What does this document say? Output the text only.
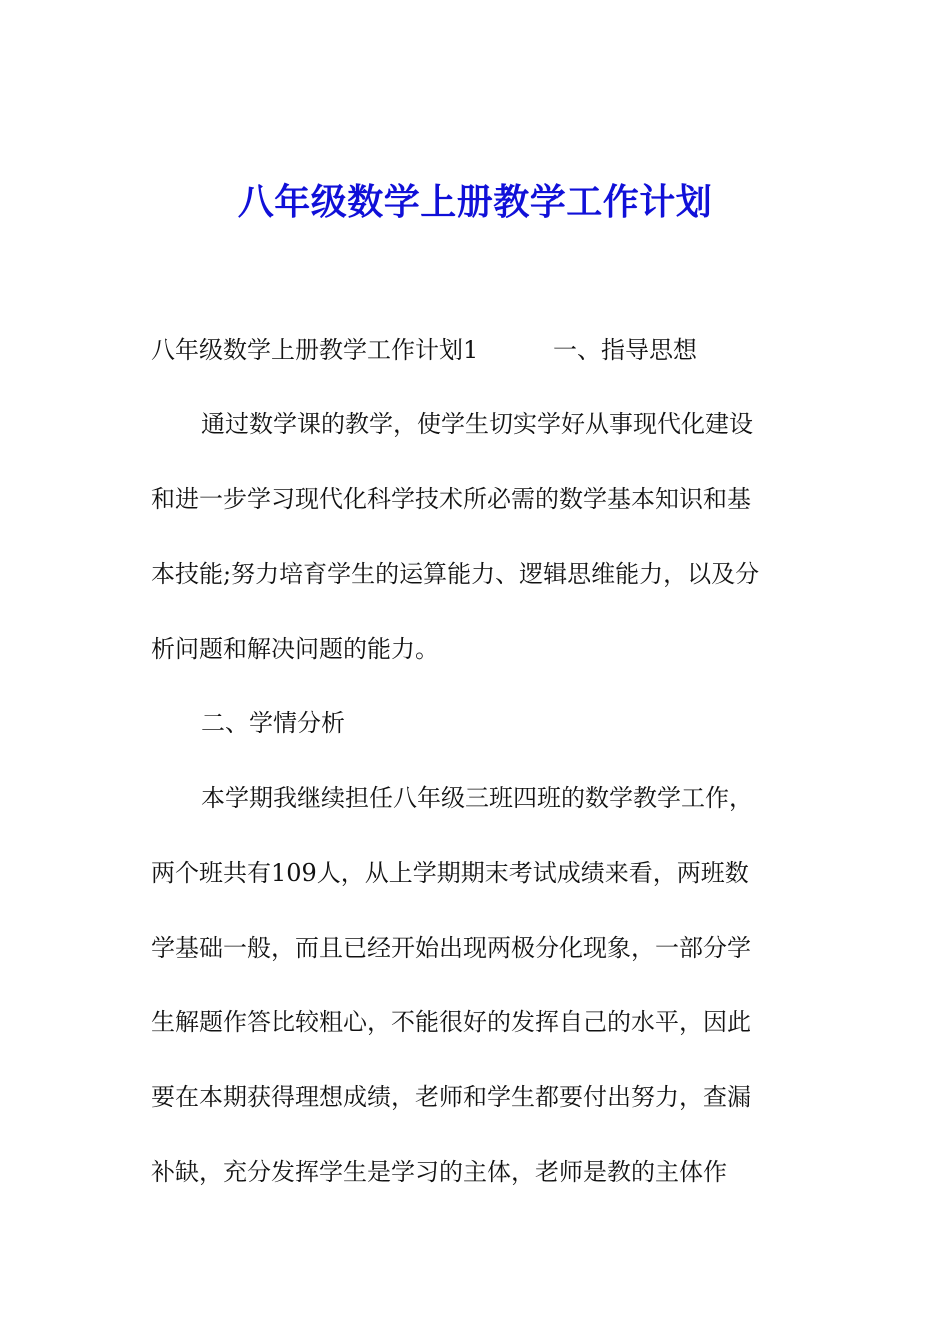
八年级数学上册教学工作计划
八年级数学上册教学工作计划1	一、指导思想
通过数学课的教学，使学生切实学好从事现代化建设
和进一步学习现代化科学技术所必需的数学基本知识和基
本技能;努力培育学生的运算能力、逻辑思维能力，以及分
析问题和解决问题的能力。
二、学情分析
本学期我继续担任八年级三班四班的数学教学工作，
两个班共有109人，从上学期期末考试成绩来看，两班数
学基础一般，而且已经开始出现两极分化现象，一部分学
生解题作答比较粗心，不能很好的发挥自己的水平，因此
要在本期获得理想成绩，老师和学生都要付出努力，查漏
补缺，充分发挥学生是学习的主体，老师是教的主体作
